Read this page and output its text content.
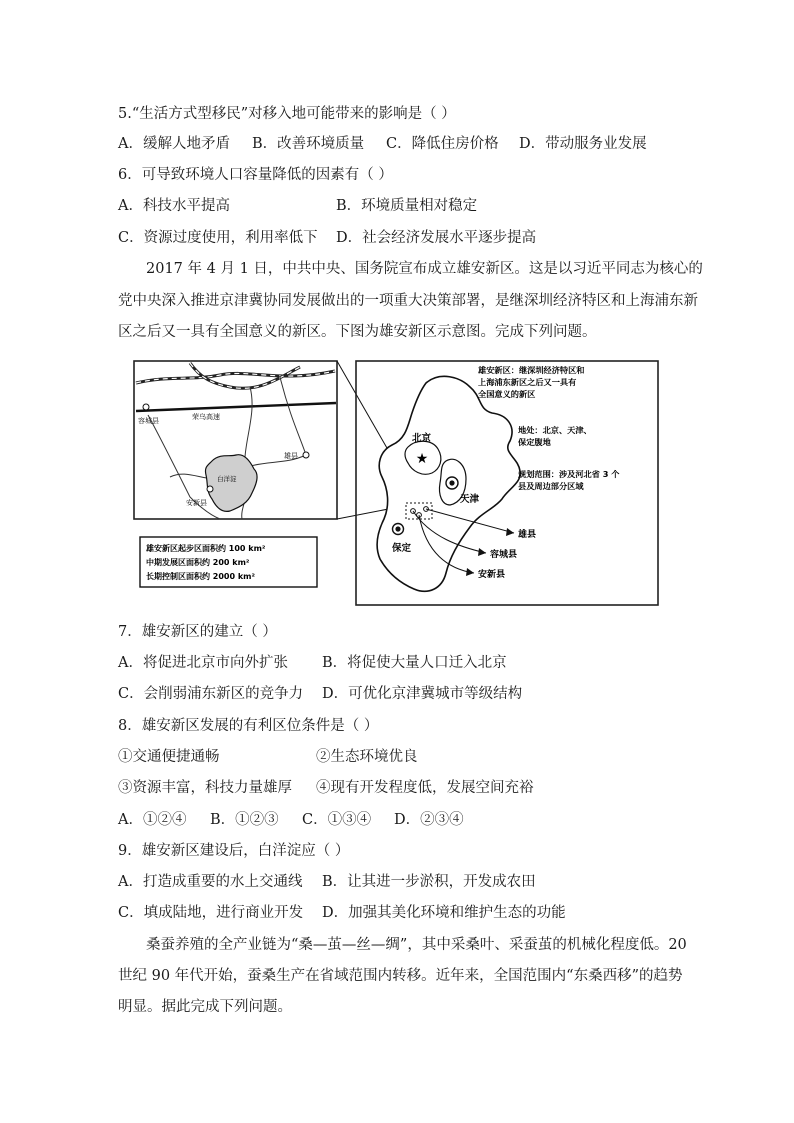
5.“生活方式型移民”对移入地可能带来的影响是（ ）
A．缓解人地矛盾 B．改善环境质量 C．降低住房价格 D．带动服务业发展
6．可导致环境人口容量降低的因素有（ ）
A．科技水平提高	B．环境质量相对稳定
C．资源过度使用，利用率低下 D．社会经济发展水平逐步提高
2017 年 4 月 1 日，中共中央、国务院宣布成立雄安新区。这是以习近平同志为核心的
党中央深入推进京津冀协同发展做出的一项重大决策部署，是继深圳经济特区和上海浦东新
区之后又一具有全国意义的新区。下图为雄安新区示意图。完成下列问题。
荣乌高速
白洋淀
容城县
雄县
安新县
雄安新区起步区面积约 100 km²
中期发展区面积约 200 km²
长期控制区面积约 2000 km²
★
北京
天津
保定
雄县
容城县
安新县
雄安新区：继深圳经济特区和
上海浦东新区之后又一具有
全国意义的新区
地处：北京、天津、
保定腹地
规划范围：涉及河北省 3 个
县及周边部分区域
7．雄安新区的建立（ ）
A．将促进北京市向外扩张 B．将促使大量人口迁入北京
C．会削弱浦东新区的竞争力 D．可优化京津冀城市等级结构
8．雄安新区发展的有利区位条件是（ ）
①交通便捷通畅	②生态环境优良
③资源丰富，科技力量雄厚 ④现有开发程度低，发展空间充裕
A．①②④ B．①②③ C．①③④ D．②③④
9．雄安新区建设后，白洋淀应（ ）
A．打造成重要的水上交通线 B．让其进一步淤积，开发成农田
C．填成陆地，进行商业开发 D．加强其美化环境和维护生态的功能
桑蚕养殖的全产业链为“桑—茧—丝—绸”，其中采桑叶、采蚕茧的机械化程度低。20
世纪 90 年代开始，蚕桑生产在省域范围内转移。近年来，全国范围内“东桑西移”的趋势
明显。据此完成下列问题。
